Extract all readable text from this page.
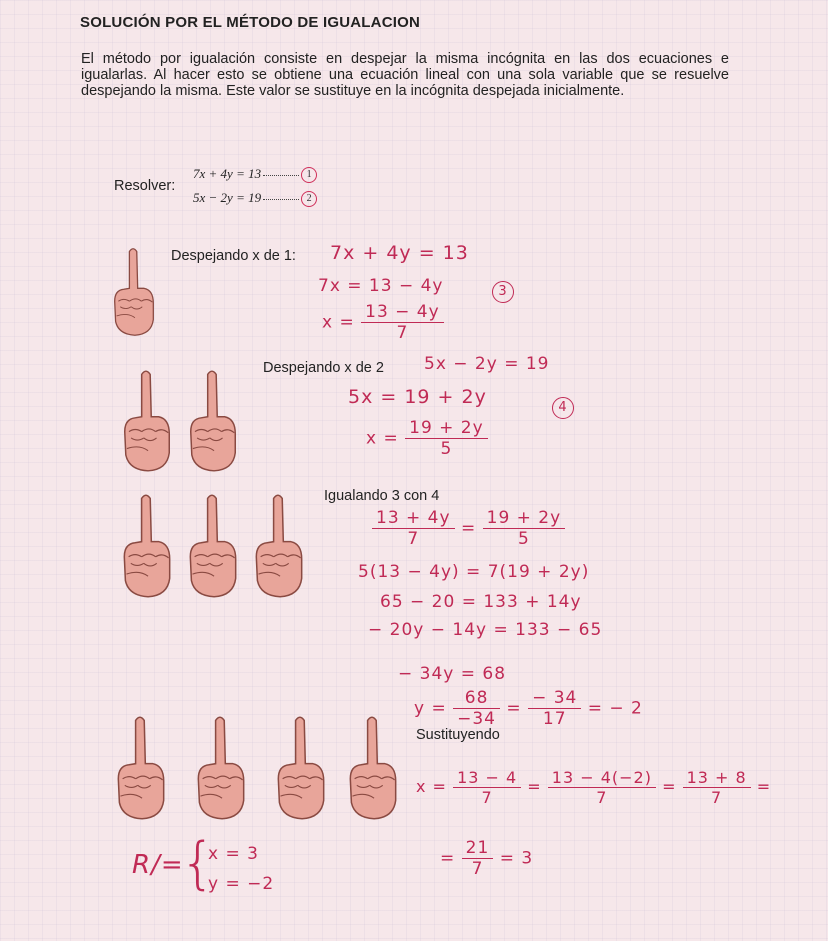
SOLUCIÓN POR EL MÉTODO DE IGUALACION
El método por igualación consiste en despejar la misma incógnita en las dos ecuaciones e igualarlas. Al hacer esto se obtiene una ecuación lineal con una sola variable que se resuelve despejando la misma. Este valor se sustituye en la incógnita despejada inicialmente.
Resolver:
7x + 4y = 13	1
5x − 2y = 19	2
Despejando x de 1: 7x + 4y = 13
7x = 13 − 4y	3
$x = \frac{13 - 4y}{7}$
Despejando x de 2 5x − 2y = 19
5x = 19 + 2y	4
$x = \frac{19 + 2y}{5}$
Igualando 3 con 4
$\frac{13 + 4y}{7} = \frac{19 + 2y}{5}$
5(13 − 4y) = 7(19 + 2y)
65 − 20 = 133 + 14y
− 20y − 14y = 133 − 65
− 34y = 68
$y = \frac{68}{-34} = \frac{- 34}{17}$ = − 2
Sustituyendo
$x = \frac{13 - 4}{7} = \frac{13 - 4(-2)}{7} = \frac{13 + 8}{7}$ =
= $\frac{21}{7} = 3$
R/=
{
x = 3
y = −2
